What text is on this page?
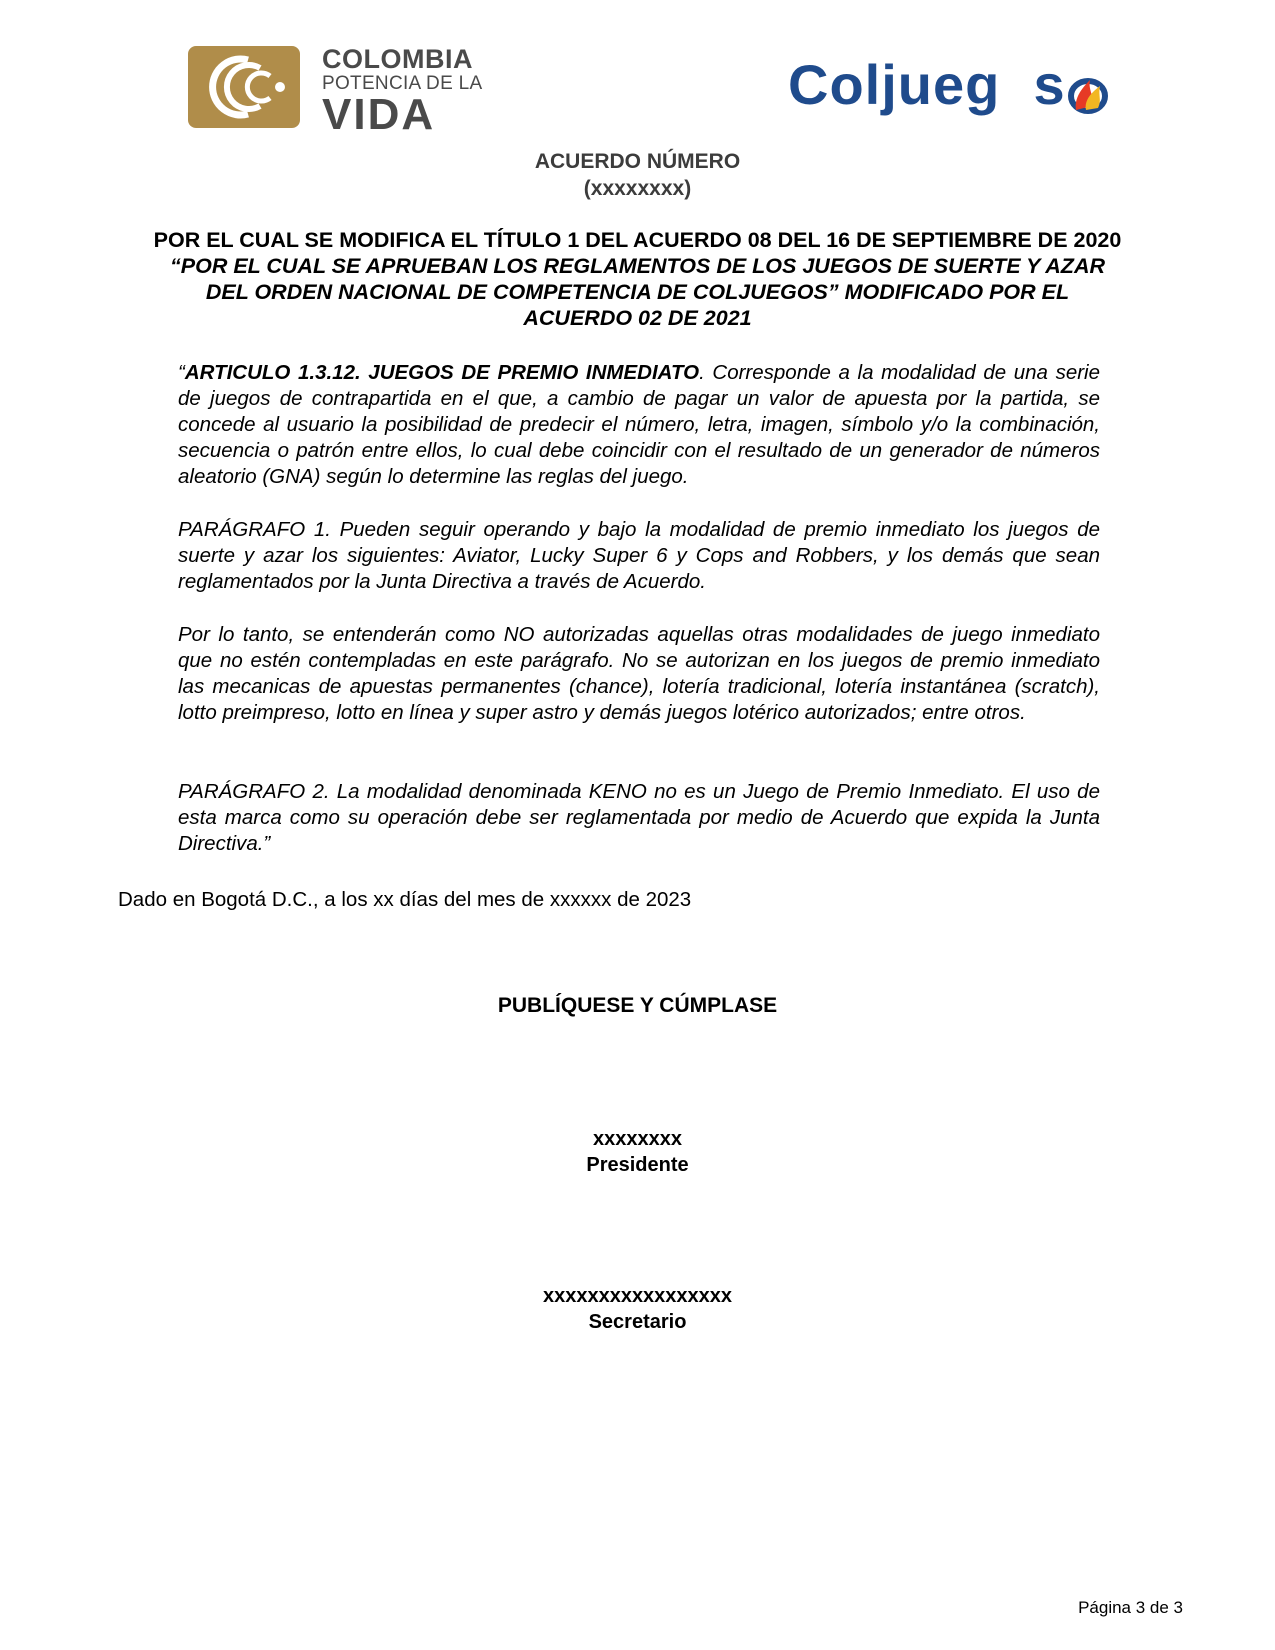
COLOMBIA
POTENCIA DE LA
VIDA	Coljueg  s
ACUERDO NÚMERO
(xxxxxxxx)
POR EL CUAL SE MODIFICA EL TÍTULO 1 DEL ACUERDO 08 DEL 16 DE SEPTIEMBRE DE 2020
“POR EL CUAL SE APRUEBAN LOS REGLAMENTOS DE LOS JUEGOS DE SUERTE Y AZAR
DEL ORDEN NACIONAL DE COMPETENCIA DE COLJUEGOS” MODIFICADO POR EL
ACUERDO 02 DE 2021

“ARTICULO 1.3.12. JUEGOS DE PREMIO INMEDIATO. Corresponde a la modalidad de una serie de juegos de contrapartida en el que, a cambio de pagar un valor de apuesta por la partida, se concede al usuario la posibilidad de predecir el número, letra, imagen, símbolo y/o la combinación, secuencia o patrón entre ellos, lo cual debe coincidir con el resultado de un generador de números aleatorio (GNA) según lo determine las reglas del juego.

PARÁGRAFO 1. Pueden seguir operando y bajo la modalidad de premio inmediato los juegos de suerte y azar los siguientes: Aviator, Lucky Super 6 y Cops and Robbers, y los demás que sean reglamentados por la Junta Directiva a través de Acuerdo.

Por lo tanto, se entenderán como NO autorizadas aquellas otras modalidades de juego inmediato que no estén contempladas en este parágrafo. No se autorizan en los juegos de premio inmediato las mecanicas de apuestas permanentes (chance), lotería tradicional, lotería instantánea (scratch), lotto preimpreso, lotto en línea y super astro y demás juegos lotérico autorizados; entre otros.

PARÁGRAFO 2. La modalidad denominada KENO no es un Juego de Premio Inmediato. El uso de esta marca como su operación debe ser reglamentada por medio de Acuerdo que expida la Junta Directiva.”

Dado en Bogotá D.C., a los xx días del mes de xxxxxx de 2023
PUBLÍQUESE Y CÚMPLASE
xxxxxxxx
Presidente
xxxxxxxxxxxxxxxxx
Secretario
Página 3 de 3
